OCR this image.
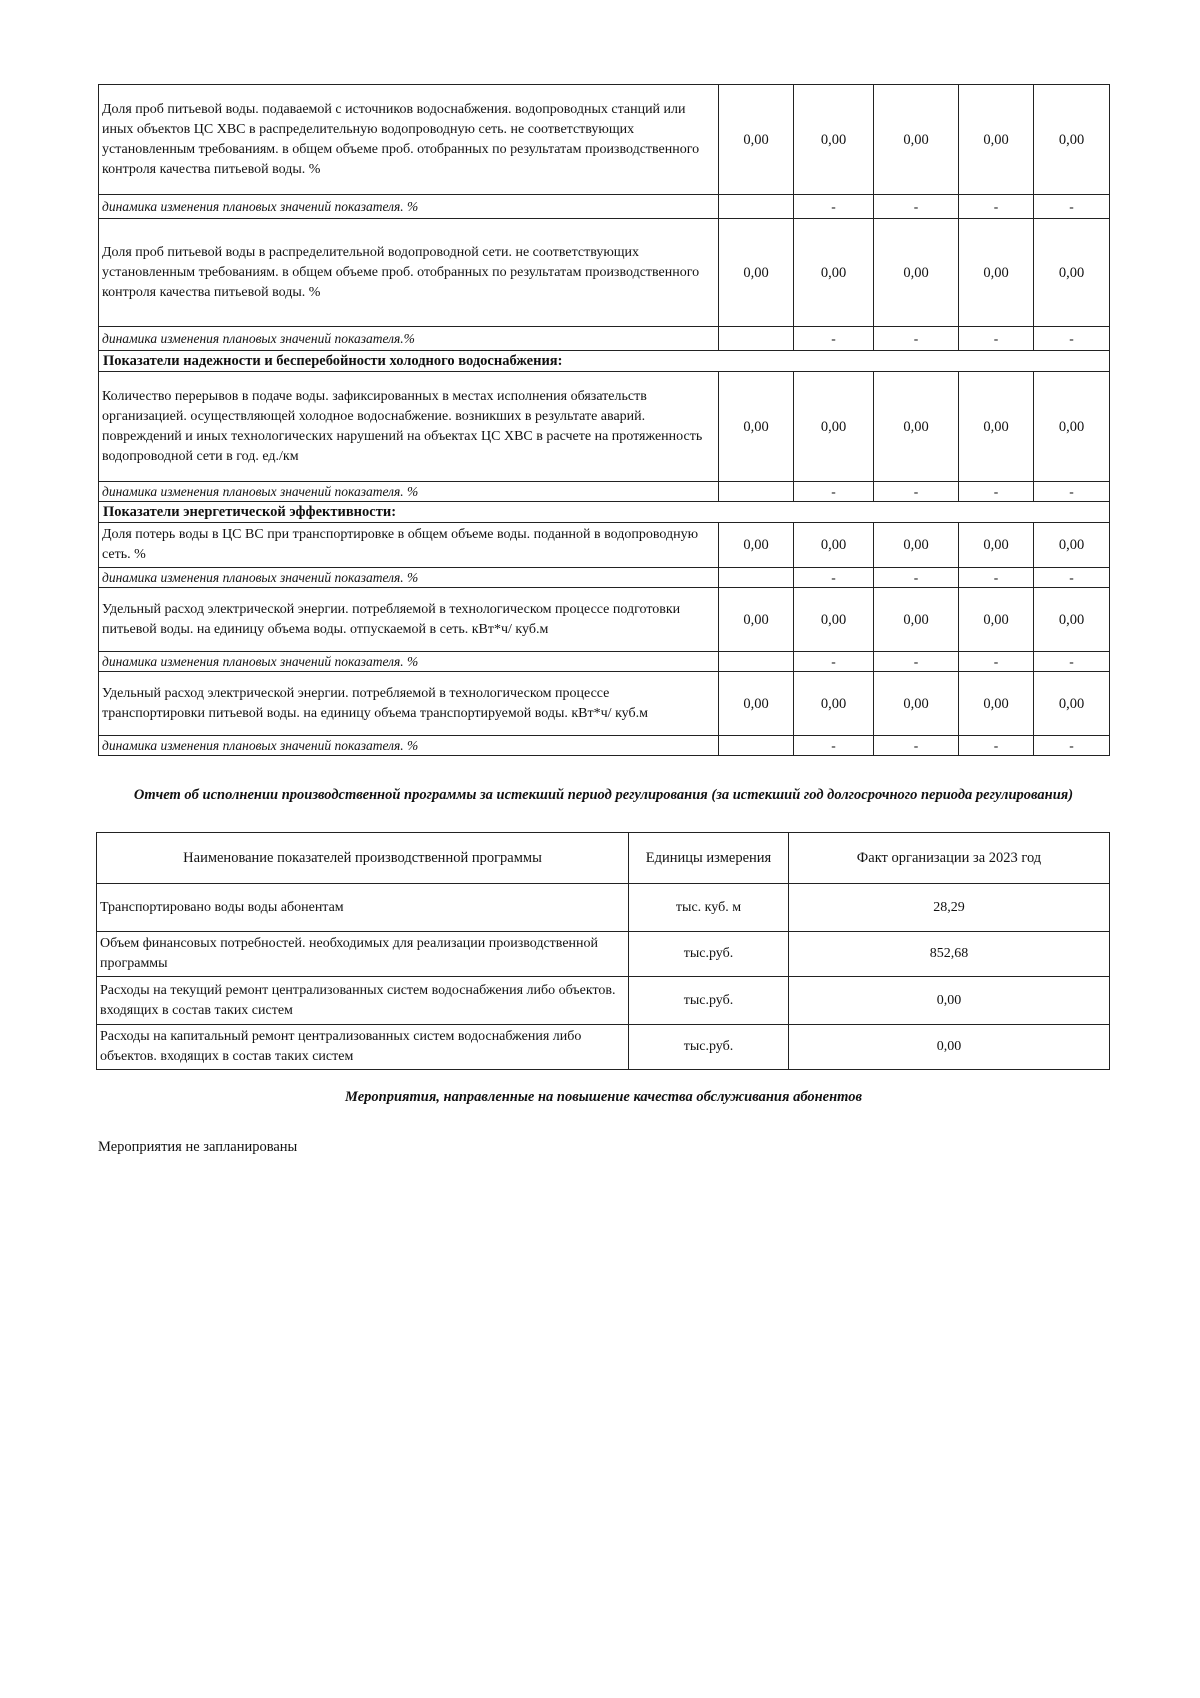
Доля проб питьевой воды. подаваемой с источников водоснабжения. водопроводных станций или иных объектов ЦС ХВС в распределительную водопроводную сеть. не соответствующих установленным требованиям. в общем объеме проб. отобранных по результатам производственного контроля качества питьевой воды. %	0,00	0,00	0,00	0,00	0,00
динамика изменения плановых значений показателя. %		-	-	-	-
Доля проб питьевой воды в распределительной водопроводной сети. не соответствующих установленным требованиям. в общем объеме проб. отобранных по результатам производственного контроля качества питьевой воды. %	0,00	0,00	0,00	0,00	0,00
динамика изменения плановых значений показателя.%		-	-	-	-
Показатели надежности и бесперебойности холодного водоснабжения:					
Количество перерывов в подаче воды. зафиксированных в местах исполнения обязательств организацией. осуществляющей холодное водоснабжение. возникших в результате аварий. повреждений и иных технологических нарушений на объектах ЦС ХВС в расчете на протяженность водопроводной сети в год. ед./км	0,00	0,00	0,00	0,00	0,00
динамика изменения плановых значений показателя. %		-	-	-	-
Показатели энергетической эффективности:					
Доля потерь воды в ЦС ВС при транспортировке в общем объеме воды. поданной в водопроводную сеть. %	0,00	0,00	0,00	0,00	0,00
динамика изменения плановых значений показателя. %		-	-	-	-
Удельный расход электрической энергии. потребляемой в технологическом процессе подготовки питьевой воды. на единицу объема воды. отпускаемой в сеть. кВт*ч/ куб.м	0,00	0,00	0,00	0,00	0,00
динамика изменения плановых значений показателя. %		-	-	-	-
Удельный расход электрической энергии. потребляемой в технологическом процессе транспортировки питьевой воды. на единицу объема транспортируемой воды. кВт*ч/ куб.м	0,00	0,00	0,00	0,00	0,00
динамика изменения плановых значений показателя. %		-	-	-	-
Отчет об исполнении производственной программы за истекший период регулирования (за истекший год долгосрочного периода регулирования)
Наименование показателей производственной программы	Единицы измерения	Факт организации за 2023 год
Транспортировано воды воды абонентам	тыс. куб. м	28,29
Объем финансовых потребностей. необходимых для реализации производственной программы	тыс.руб.	852,68
Расходы на текущий ремонт централизованных систем водоснабжения либо объектов. входящих в состав таких систем	тыс.руб.	0,00
Расходы на капитальный ремонт централизованных систем водоснабжения либо объектов. входящих в состав таких систем	тыс.руб.	0,00
Мероприятия, направленные на повышение качества обслуживания абонентов
Мероприятия не запланированы
